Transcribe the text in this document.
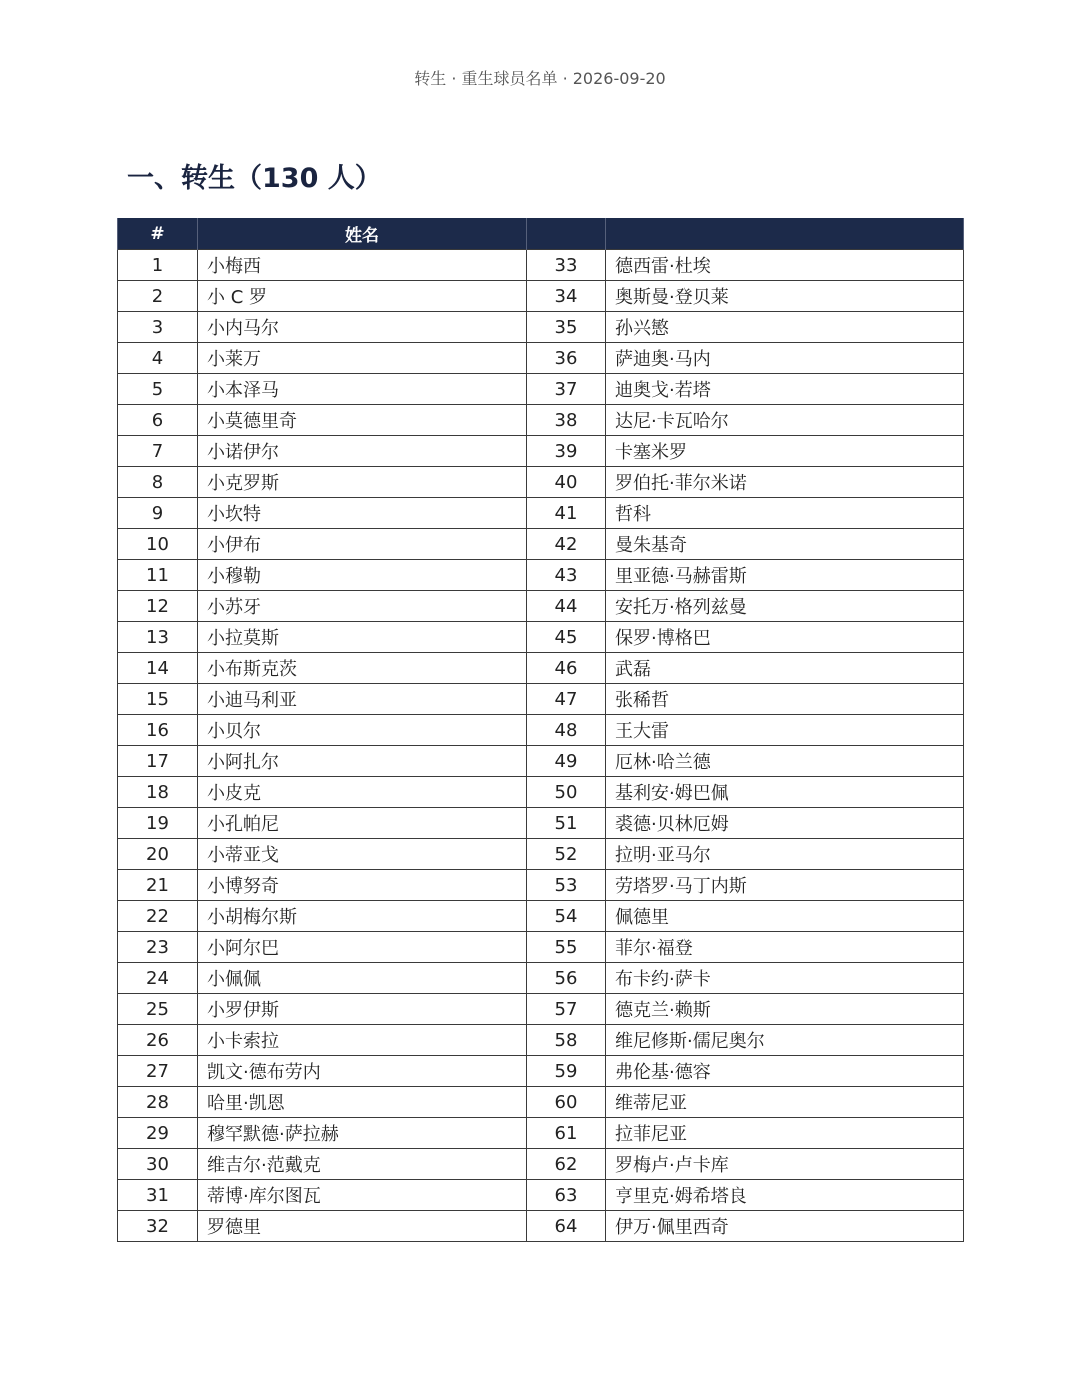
转生 · 重生球员名单 · 2026-09-20
一、转生（130 人）
#	姓名		
1	小梅西	33	德西雷·杜埃
2	小 C 罗	34	奥斯曼·登贝莱
3	小内马尔	35	孙兴慜
4	小莱万	36	萨迪奥·马内
5	小本泽马	37	迪奥戈·若塔
6	小莫德里奇	38	达尼·卡瓦哈尔
7	小诺伊尔	39	卡塞米罗
8	小克罗斯	40	罗伯托·菲尔米诺
9	小坎特	41	哲科
10	小伊布	42	曼朱基奇
11	小穆勒	43	里亚德·马赫雷斯
12	小苏牙	44	安托万·格列兹曼
13	小拉莫斯	45	保罗·博格巴
14	小布斯克茨	46	武磊
15	小迪马利亚	47	张稀哲
16	小贝尔	48	王大雷
17	小阿扎尔	49	厄林·哈兰德
18	小皮克	50	基利安·姆巴佩
19	小孔帕尼	51	裘德·贝林厄姆
20	小蒂亚戈	52	拉明·亚马尔
21	小博努奇	53	劳塔罗·马丁内斯
22	小胡梅尔斯	54	佩德里
23	小阿尔巴	55	菲尔·福登
24	小佩佩	56	布卡约·萨卡
25	小罗伊斯	57	德克兰·赖斯
26	小卡索拉	58	维尼修斯·儒尼奥尔
27	凯文·德布劳内	59	弗伦基·德容
28	哈里·凯恩	60	维蒂尼亚
29	穆罕默德·萨拉赫	61	拉菲尼亚
30	维吉尔·范戴克	62	罗梅卢·卢卡库
31	蒂博·库尔图瓦	63	亨里克·姆希塔良
32	罗德里	64	伊万·佩里西奇
